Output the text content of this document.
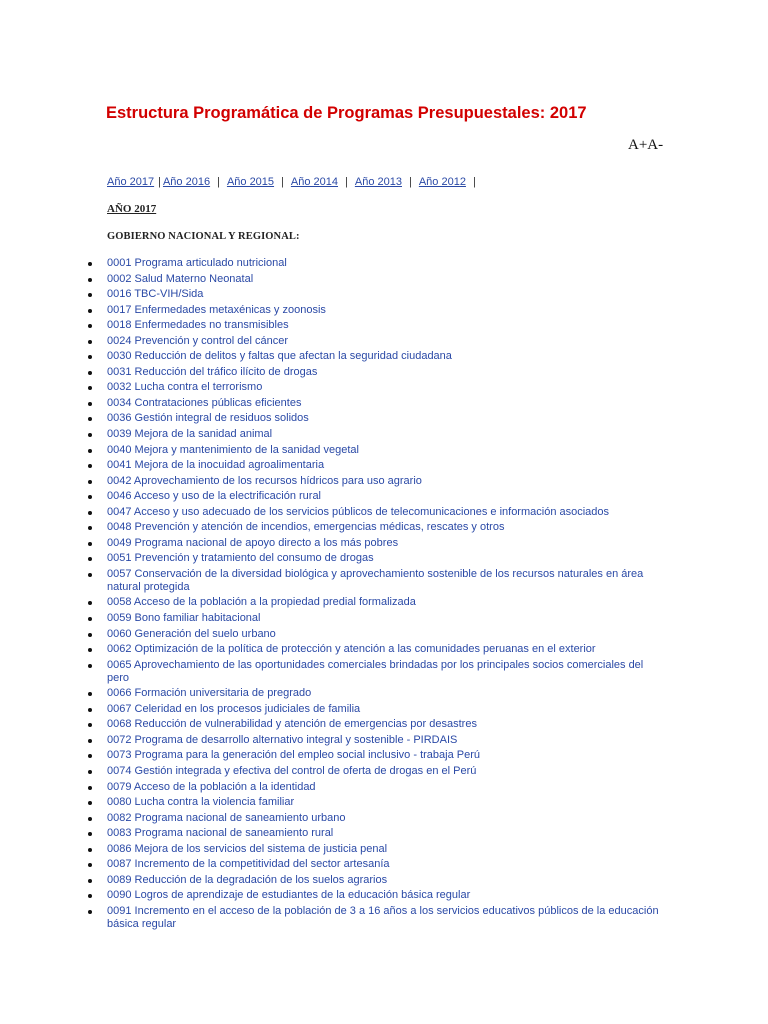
Estructura Programática de Programas Presupuestales: 2017
A+A-
Año 2017 | Año 2016 | Año 2015 | Año 2014 | Año 2013 | Año 2012 |
AÑO 2017
GOBIERNO NACIONAL Y REGIONAL:
0001 Programa articulado nutricional
0002 Salud Materno Neonatal
0016 TBC-VIH/Sida
0017 Enfermedades metaxénicas y zoonosis
0018 Enfermedades no transmisibles
0024 Prevención y control del cáncer
0030 Reducción de delitos y faltas que afectan la seguridad ciudadana
0031 Reducción del tráfico ilícito de drogas
0032 Lucha contra el terrorismo
0034 Contrataciones públicas eficientes
0036 Gestión integral de residuos solidos
0039 Mejora de la sanidad animal
0040 Mejora y mantenimiento de la sanidad vegetal
0041 Mejora de la inocuidad agroalimentaria
0042 Aprovechamiento de los recursos hídricos para uso agrario
0046 Acceso y uso de la electrificación rural
0047 Acceso y uso adecuado de los servicios públicos de telecomunicaciones e información asociados
0048 Prevención y atención de incendios, emergencias médicas, rescates y otros
0049 Programa nacional de apoyo directo a los más pobres
0051 Prevención y tratamiento del consumo de drogas
0057 Conservación de la diversidad biológica y aprovechamiento sostenible de los recursos naturales en área natural protegida
0058 Acceso de la población a la propiedad predial formalizada
0059 Bono familiar habitacional
0060 Generación del suelo urbano
0062 Optimización de la política de protección y atención a las comunidades peruanas en el exterior
0065 Aprovechamiento de las oportunidades comerciales brindadas por los principales socios comerciales del pero
0066 Formación universitaria de pregrado
0067 Celeridad en los procesos judiciales de familia
0068 Reducción de vulnerabilidad y atención de emergencias por desastres
0072 Programa de desarrollo alternativo integral y sostenible - PIRDAIS
0073 Programa para la generación del empleo social inclusivo - trabaja Perú
0074 Gestión integrada y efectiva del control de oferta de drogas en el Perú
0079 Acceso de la población a la identidad
0080 Lucha contra la violencia familiar
0082 Programa nacional de saneamiento urbano
0083 Programa nacional de saneamiento rural
0086 Mejora de los servicios del sistema de justicia penal
0087 Incremento de la competitividad del sector artesanía
0089 Reducción de la degradación de los suelos agrarios
0090 Logros de aprendizaje de estudiantes de la educación básica regular
0091 Incremento en el acceso de la población de 3 a 16 años a los servicios educativos públicos de la educación básica regular
